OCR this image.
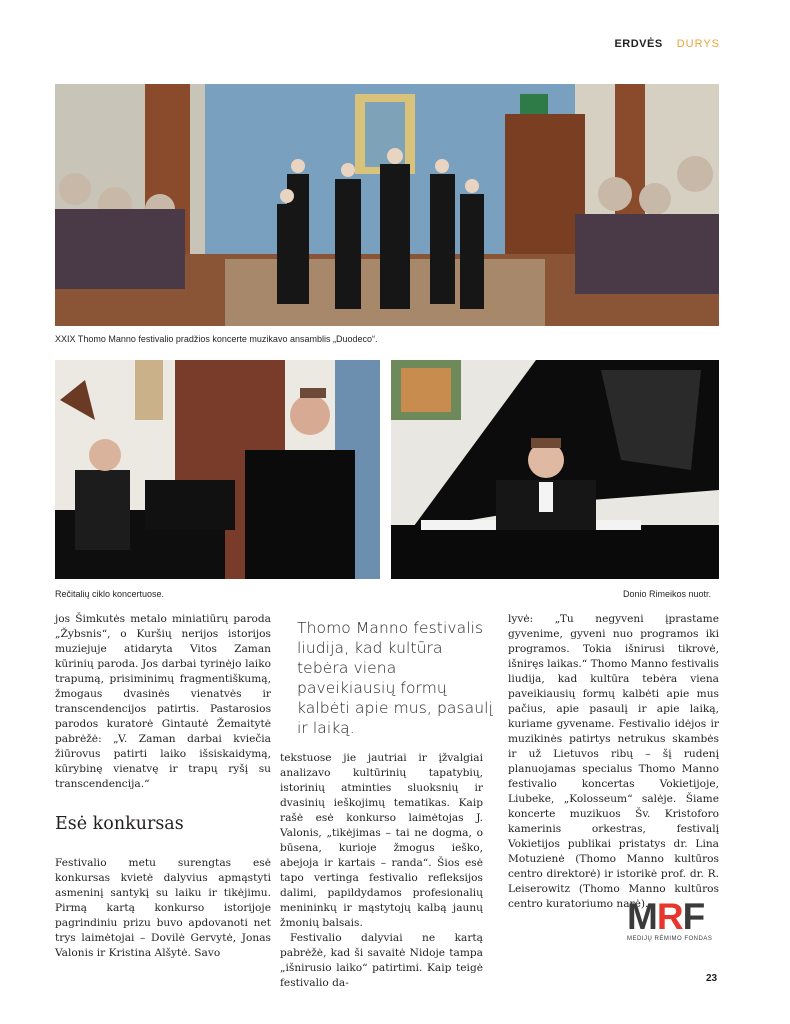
ERDVĖS DURYS
XXIX Thomo Manno festivalio pradžios koncerte muzikavo ansamblis „Duodeco“.
Rečitalių ciklo koncertuose.	Donio Rimeikos nuotr.

jos Šimkutės metalo miniatiūrų paroda „Žybsnis“, o Kuršių nerijos istorijos muziejuje atidaryta Vitos Zaman kūrinių paroda. Jos darbai tyrinėjo laiko trapumą, prisiminimų fragmentiškumą, žmogaus dvasinės vienatvės ir transcendencijos patirtis. Pastarosios parodos kuratorė Gintautė Žemaitytė pabrėžė: „V. Zaman darbai kviečia žiūrovus patirti laiko išsiskaidymą, kūrybinę vienatvę ir trapų ryšį su transcendencija.“

Esė konkursas

Festivalio metu surengtas esė konkursas kvietė dalyvius apmąstyti asmeninį santykį su laiku ir tikėjimu. Pirmą kartą konkurso istorijoje pagrindiniu prizu buvo apdovanoti net trys laimėtojai – Dovilė Gervytė, Jonas Valonis ir Kristina Alšytė. Savo

Thomo Manno festivalis liudija, kad kultūra tebėra viena paveikiausių formų kalbėti apie mus, pasaulį ir laiką.

tekstuose jie jautriai ir įžvalgiai analizavo kultūrinių tapatybių, istorinių atminties sluoksnių ir dvasinių ieškojimų tematikas. Kaip rašė esė konkurso laimėtojas J. Valonis, „tikėjimas – tai ne dogma, o būsena, kurioje žmogus ieško, abejoja ir kartais – randa“. Šios esė tapo vertinga festivalio refleksijos dalimi, papildydamos profesionalių menininkų ir mąstytojų kalbą jaunų žmonių balsais.

Festivalio dalyviai ne kartą pabrėžė, kad ši savaitė Nidoje tampa „išnirusio laiko“ patirtimi. Kaip teigė festivalio da-

lyvė: „Tu negyveni įprastame gyvenime, gyveni nuo programos iki programos. Tokia išnirusi tikrovė, išniręs laikas.“ Thomo Manno festivalis liudija, kad kultūra tebėra viena paveikiausių formų kalbėti apie mus pačius, apie pasaulį ir apie laiką, kuriame gyvename. Festivalio idėjos ir muzikinės patirtys netrukus skambės ir už Lietuvos ribų – šį rudenį planuojamas specialus Thomo Manno festivalio koncertas Vokietijoje, Liubeke, „Kolosseum“ salėje. Šiame koncerte muzikuos Šv. Kristoforo kamerinis orkestras, festivalį Vokietijos publikai pristatys dr. Lina Motuzienė (Thomo Manno kultūros centro direktorė) ir istorikė prof. dr. R. Leiserowitz (Thomo Manno kultūros centro kuratoriumo narė).

MRF
MEDIJŲ RĖMIMO FONDAS
23
